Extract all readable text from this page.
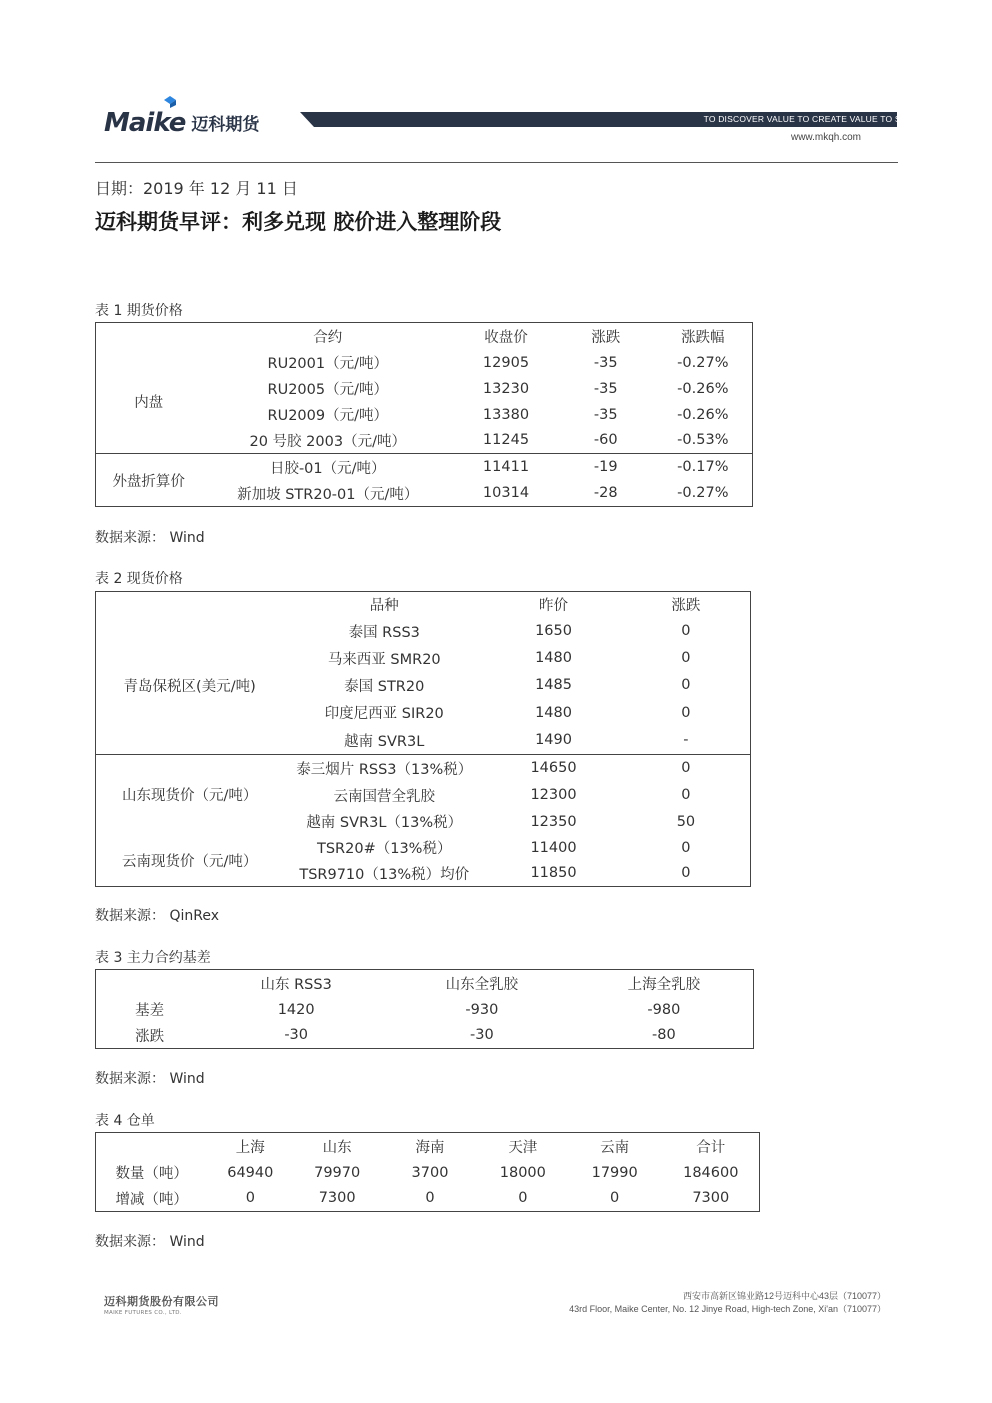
Maike 迈科期货	TO DISCOVER VALUE TO CREATE VALUE TO SHARE VALUE
www.mkqh.com
日期：2019 年 12 月 11 日
迈科期货早评：利多兑现 胶价进入整理阶段
表 1 期货价格
	合约	收盘价	涨跌	涨跌幅
内盘	RU2001（元/吨）	12905	-35	-0.27%
	RU2005（元/吨）	13230	-35	-0.26%
	RU2009（元/吨）	13380	-35	-0.26%
	20 号胶 2003（元/吨）	11245	-60	-0.53%
外盘折算价	日胶-01（元/吨）	11411	-19	-0.17%
	新加坡 STR20-01（元/吨）	10314	-28	-0.27%
数据来源： Wind
表 2 现货价格
	品种	昨价	涨跌
青岛保税区(美元/吨)	泰国 RSS3	1650	0
	马来西亚 SMR20	1480	0
	泰国 STR20	1485	0
	印度尼西亚 SIR20	1480	0
	越南 SVR3L	1490	-
山东现货价（元/吨）	泰三烟片 RSS3（13%税）	14650	0
	云南国营全乳胶	12300	0
	越南 SVR3L（13%税）	12350	50
云南现货价（元/吨）	TSR20#（13%税）	11400	0
	TSR9710（13%税）均价	11850	0
数据来源： QinRex
表 3 主力合约基差
	山东 RSS3	山东全乳胶	上海全乳胶
基差	1420	-930	-980
涨跌	-30	-30	-80
数据来源： Wind
表 4 仓单
	上海	山东	海南	天津	云南	合计
数量（吨）	64940	79970	3700	18000	17990	184600
增减（吨）	0	7300	0	0	0	7300
数据来源： Wind
迈科期货股份有限公司
MAIKE FUTURES CO., LTD.
西安市高新区锦业路12号迈科中心43层（710077）
43rd Floor, Maike Center, No. 12 Jinye Road, High-tech Zone, Xi'an（710077）
